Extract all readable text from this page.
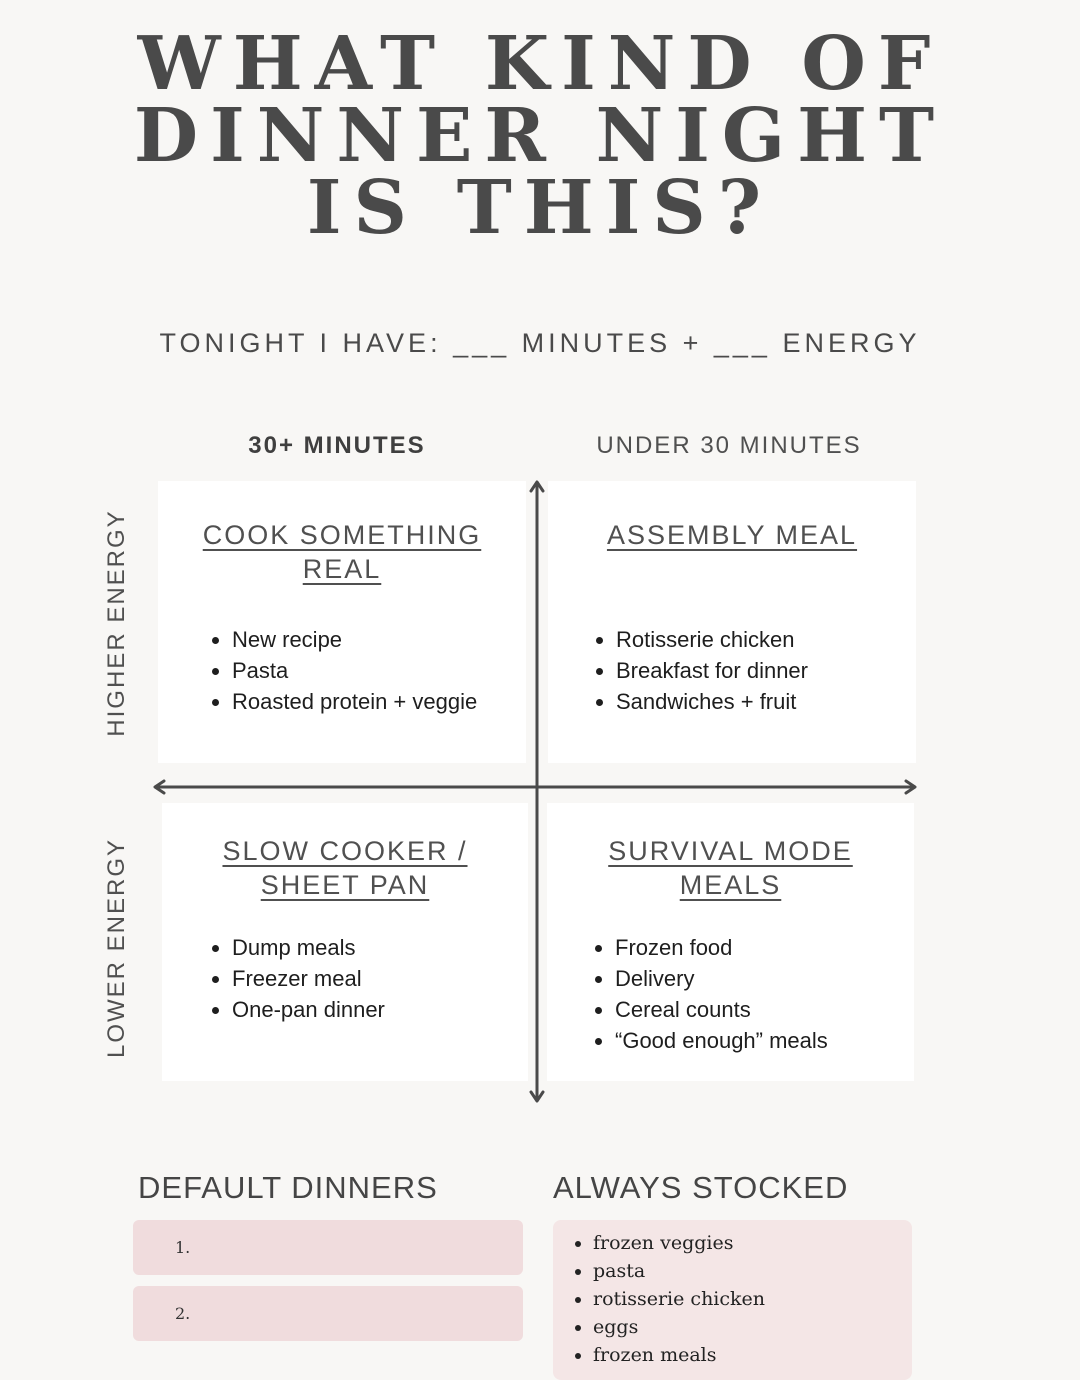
WHAT KIND OF
DINNER NIGHT
IS THIS?
TONIGHT I HAVE: ___ MINUTES + ___ ENERGY
30+ MINUTES	UNDER 30 MINUTES
HIGHER ENERGY
LOWER ENERGY
COOK SOMETHING
REAL
• New recipe
• Pasta
• Roasted protein + veggie
ASSEMBLY MEAL
• Rotisserie chicken
• Breakfast for dinner
• Sandwiches + fruit
SLOW COOKER /
SHEET PAN
• Dump meals
• Freezer meal
• One-pan dinner
SURVIVAL MODE
MEALS
• Frozen food
• Delivery
• Cereal counts
• “Good enough” meals
DEFAULT DINNERS	ALWAYS STOCKED
1.
2.
• frozen veggies
• pasta
• rotisserie chicken
• eggs
• frozen meals
